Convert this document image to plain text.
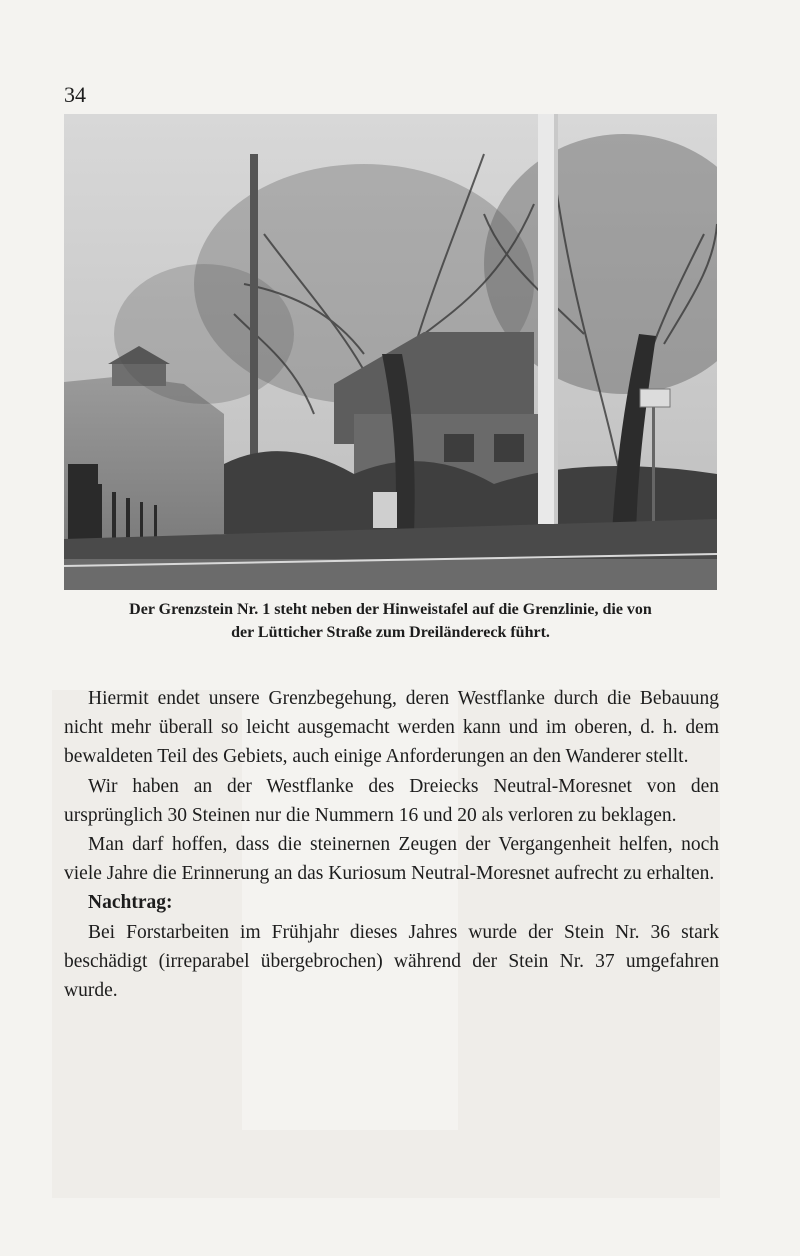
34
Der Grenzstein Nr. 1 steht neben der Hinweistafel auf die Grenzlinie, die von
der Lütticher Straße zum Dreiländereck führt.

Hiermit endet unsere Grenzbegehung, deren Westflanke durch die Bebauung nicht mehr überall so leicht ausgemacht werden kann und im oberen, d. h. dem bewaldeten Teil des Gebiets, auch einige Anforderungen an den Wanderer stellt.

Wir haben an der Westflanke des Dreiecks Neutral-Moresnet von den ursprünglich 30 Steinen nur die Nummern 16 und 20 als verloren zu beklagen.

Man darf hoffen, dass die steinernen Zeugen der Vergangenheit helfen, noch viele Jahre die Erinnerung an das Kuriosum Neutral-Moresnet aufrecht zu erhalten.

Nachtrag:

Bei Forstarbeiten im Frühjahr dieses Jahres wurde der Stein Nr. 36 stark beschädigt (irreparabel übergebrochen) während der Stein Nr. 37 umgefahren wurde.
